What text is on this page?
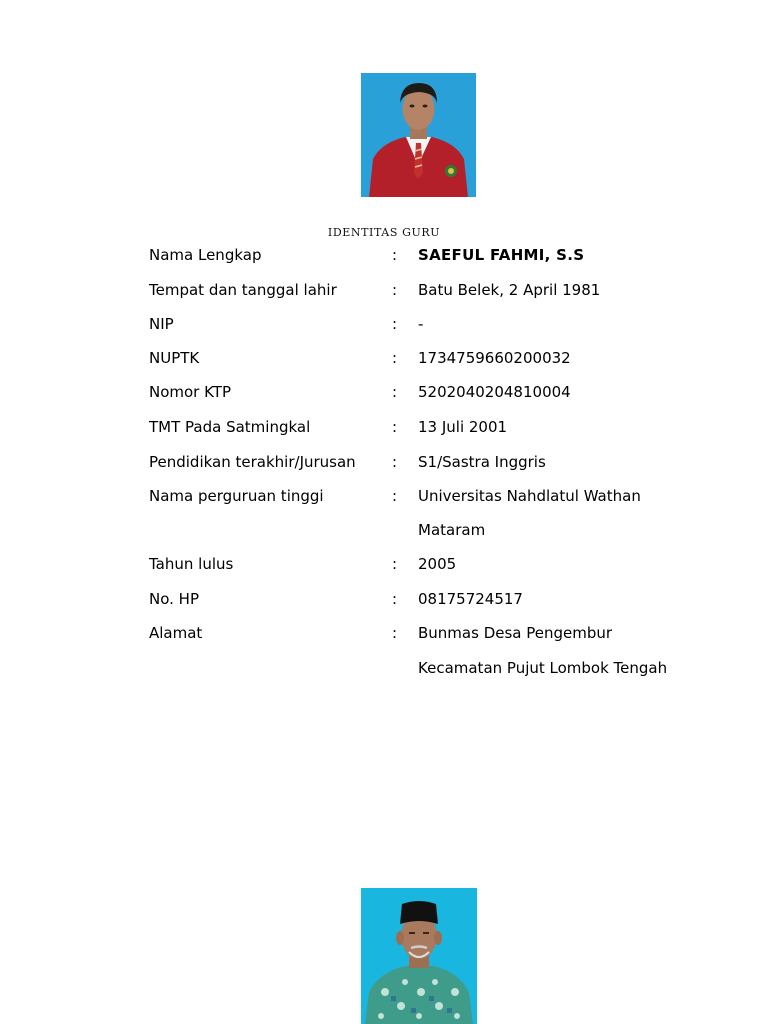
IDENTITAS GURU
Nama Lengkap	: SAEFUL FAHMI, S.S
Tempat dan tanggal lahir	: Batu Belek, 2 April 1981
NIP	: -
NUPTK	: 1734759660200032
Nomor KTP	: 5202040204810004
TMT Pada Satmingkal	: 13 Juli 2001
Pendidikan terakhir/Jurusan : S1/Sastra Inggris
Nama perguruan tinggi	: Universitas Nahdlatul Wathan
Mataram
Tahun lulus	: 2005
No. HP	: 08175724517
Alamat	: Bunmas Desa Pengembur
Kecamatan Pujut Lombok Tengah
